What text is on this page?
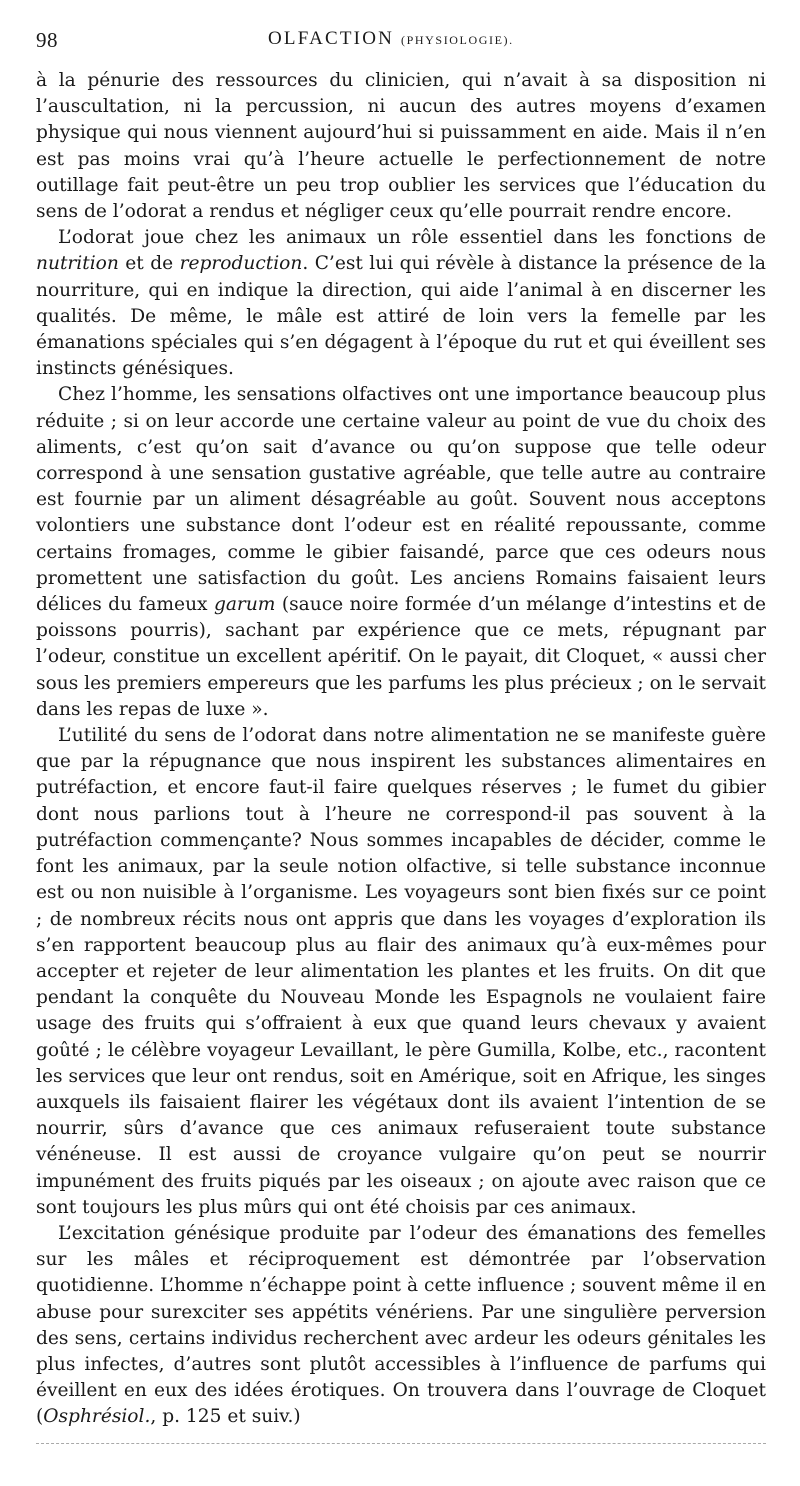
98	OLFACTION (PHYSIOLOGIE).

à la pénurie des ressources du clinicien, qui n’avait à sa disposition ni l’auscultation, ni la percussion, ni aucun des autres moyens d’examen physique qui nous viennent aujourd’hui si puissamment en aide. Mais il n’en est pas moins vrai qu’à l’heure actuelle le perfectionnement de notre outillage fait peut-être un peu trop oublier les services que l’éducation du sens de l’odorat a rendus et négliger ceux qu’elle pourrait rendre encore.

L’odorat joue chez les animaux un rôle essentiel dans les fonctions de nutrition et de reproduction. C’est lui qui révèle à distance la présence de la nourriture, qui en indique la direction, qui aide l’animal à en discerner les qualités. De même, le mâle est attiré de loin vers la femelle par les émanations spéciales qui s’en dégagent à l’époque du rut et qui éveillent ses instincts génésiques.

Chez l’homme, les sensations olfactives ont une importance beaucoup plus réduite ; si on leur accorde une certaine valeur au point de vue du choix des aliments, c’est qu’on sait d’avance ou qu’on suppose que telle odeur correspond à une sensation gustative agréable, que telle autre au contraire est fournie par un aliment désagréable au goût. Souvent nous acceptons volontiers une substance dont l’odeur est en réalité repoussante, comme certains fromages, comme le gibier faisandé, parce que ces odeurs nous promettent une satisfaction du goût. Les anciens Romains faisaient leurs délices du fameux garum (sauce noire formée d’un mélange d’intestins et de poissons pourris), sachant par expérience que ce mets, répugnant par l’odeur, constitue un excellent apéritif. On le payait, dit Cloquet, « aussi cher sous les premiers empereurs que les parfums les plus précieux ; on le servait dans les repas de luxe ».

L’utilité du sens de l’odorat dans notre alimentation ne se manifeste guère que par la répugnance que nous inspirent les substances alimentaires en putréfaction, et encore faut-il faire quelques réserves ; le fumet du gibier dont nous parlions tout à l’heure ne correspond-il pas souvent à la putréfaction commençante? Nous sommes incapables de décider, comme le font les animaux, par la seule notion olfactive, si telle substance inconnue est ou non nuisible à l’organisme. Les voyageurs sont bien fixés sur ce point ; de nombreux récits nous ont appris que dans les voyages d’exploration ils s’en rapportent beaucoup plus au flair des animaux qu’à eux-mêmes pour accepter et rejeter de leur alimentation les plantes et les fruits. On dit que pendant la conquête du Nouveau Monde les Espagnols ne voulaient faire usage des fruits qui s’offraient à eux que quand leurs chevaux y avaient goûté ; le célèbre voyageur Levaillant, le père Gumilla, Kolbe, etc., racontent les services que leur ont rendus, soit en Amérique, soit en Afrique, les singes auxquels ils faisaient flairer les végétaux dont ils avaient l’intention de se nourrir, sûrs d’avance que ces animaux refuseraient toute substance vénéneuse. Il est aussi de croyance vulgaire qu’on peut se nourrir impunément des fruits piqués par les oiseaux ; on ajoute avec raison que ce sont toujours les plus mûrs qui ont été choisis par ces animaux.

L’excitation génésique produite par l’odeur des émanations des femelles sur les mâles et réciproquement est démontrée par l’observation quotidienne. L’homme n’échappe point à cette influence ; souvent même il en abuse pour surexciter ses appétits vénériens. Par une singulière perversion des sens, certains individus recherchent avec ardeur les odeurs génitales les plus infectes, d’autres sont plutôt accessibles à l’influence de parfums qui éveillent en eux des idées érotiques. On trouvera dans l’ouvrage de Cloquet (Osphrésiol., p. 125 et suiv.)
